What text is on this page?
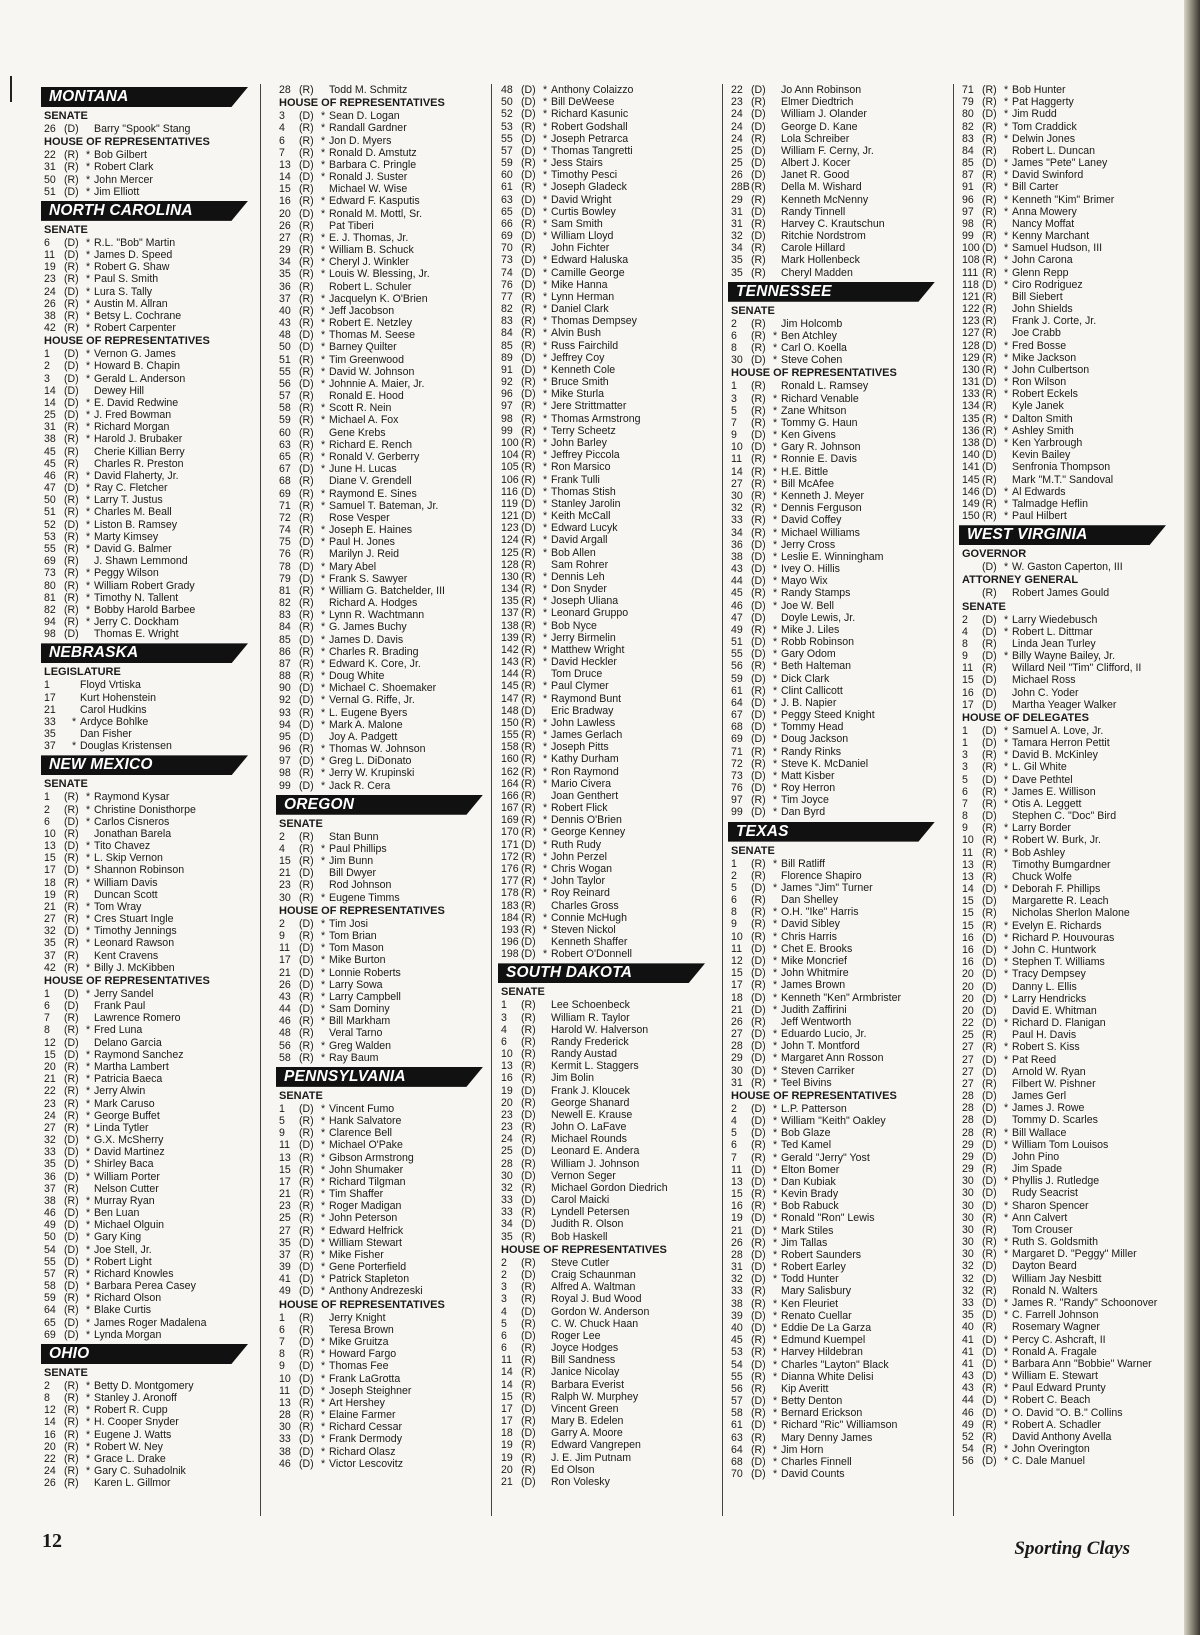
MONTANA
SENATE
26 (D)	Barry "Spook" Stang
HOUSE OF REPRESENTATIVES
22 (R) * Bob Gilbert
31 (R) * Robert Clark
50 (R) * John Mercer
51 (D) * Jim Elliott
NORTH CAROLINA
SENATE
6	(D) * R.L. "Bob" Martin
11 (D) * James D. Speed
19 (R) * Robert G. Shaw
23 (R) * Paul S. Smith
24 (D) * Lura S. Tally
26 (R) * Austin M. Allran
38 (R) * Betsy L. Cochrane
42 (R) * Robert Carpenter
HOUSE OF REPRESENTATIVES
1	(D) * Vernon G. James
2	(D) * Howard B. Chapin
3	(D) * Gerald L. Anderson
14 (D)	Dewey Hill
14 (D) * E. David Redwine
25 (D) * J. Fred Bowman
31 (R) * Richard Morgan
38 (R) * Harold J. Brubaker
45 (R)	Cherie Killian Berry
45 (R)	Charles R. Preston
46 (R) * David Flaherty, Jr.
47 (D) * Ray C. Fletcher
50 (R) * Larry T. Justus
51 (R) * Charles M. Beall
52 (D) * Liston B. Ramsey
53 (R) * Marty Kimsey
55 (R) * David G. Balmer
69 (R)	J. Shawn Lemmond
73 (R) * Peggy Wilson
80 (R) * William Robert Grady
81 (R) * Timothy N. Tallent
82 (R) * Bobby Harold Barbee
94 (R) * Jerry C. Dockham
98 (D)	Thomas E. Wright
NEBRASKA
LEGISLATURE
1	Floyd Vrtiska
17	Kurt Hohenstein
21	Carol Hudkins
33	* Ardyce Bohlke
35	Dan Fisher
37	* Douglas Kristensen
NEW MEXICO
SENATE
1	(R) * Raymond Kysar
2	(R) * Christine Donisthorpe
6	(D) * Carlos Cisneros
10 (R)	Jonathan Barela
13 (D) * Tito Chavez
15 (R) * L. Skip Vernon
17 (D) * Shannon Robinson
18 (R) * William Davis
19 (R)	Duncan Scott
21 (R) * Tom Wray
27 (R) * Cres Stuart Ingle
32 (D) * Timothy Jennings
35 (R) * Leonard Rawson
37 (R)	Kent Cravens
42 (R) * Billy J. McKibben
HOUSE OF REPRESENTATIVES
1	(D) * Jerry Sandel
6	(D)	Frank Paul
7	(R)	Lawrence Romero
8	(R) * Fred Luna
12 (D)	Delano Garcia
15 (D) * Raymond Sanchez
20 (R) * Martha Lambert
21 (R) * Patricia Baeca
22 (R) * Jerry Alwin
23 (R) * Mark Caruso
24 (R) * George Buffet
27 (R) * Linda Tytler
32 (D) * G.X. McSherry
33 (D) * David Martinez
35 (D) * Shirley Baca
36 (D) * William Porter
37 (R)	Nelson Cutter
38 (R) * Murray Ryan
46 (D) * Ben Luan
49 (D) * Michael Olguin
50 (D) * Gary King
54 (D) * Joe Stell, Jr.
55 (D) * Robert Light
57 (R) * Richard Knowles
58 (D) * Barbara Perea Casey
59 (R) * Richard Olson
64 (R) * Blake Curtis
65 (D) * James Roger Madalena
69 (D) * Lynda Morgan
OHIO
SENATE
2	(R) * Betty D. Montgomery
8	(R) * Stanley J. Aronoff
12 (R) * Robert R. Cupp
14 (R) * H. Cooper Snyder
16 (R) * Eugene J. Watts
20 (R) * Robert W. Ney
22 (R) * Grace L. Drake
24 (R) * Gary C. Suhadolnik
26 (R)	Karen L. Gillmor
28 (R)	Todd M. Schmitz
HOUSE OF REPRESENTATIVES
3	(D) * Sean D. Logan
4	(R) * Randall Gardner
6	(R) * Jon D. Myers
7	(R) * Ronald D. Amstutz
13 (D) * Barbara C. Pringle
14 (D) * Ronald J. Suster
15 (R)	Michael W. Wise
16 (R) * Edward F. Kasputis
20 (D) * Ronald M. Mottl, Sr.
26 (R)	Pat Tiberi
27 (R) * E. J. Thomas, Jr.
29 (R) * William B. Schuck
34 (R) * Cheryl J. Winkler
35 (R) * Louis W. Blessing, Jr.
36 (R)	Robert L. Schuler
37 (R) * Jacquelyn K. O'Brien
40 (R) * Jeff Jacobson
43 (R) * Robert E. Netzley
48 (D) * Thomas M. Seese
50 (D) * Barney Quilter
51 (R) * Tim Greenwood
55 (R) * David W. Johnson
56 (D) * Johnnie A. Maier, Jr.
57 (R)	Ronald E. Hood
58 (R) * Scott R. Nein
59 (R) * Michael A. Fox
60 (R)	Gene Krebs
63 (R) * Richard E. Rench
65 (R) * Ronald V. Gerberry
67 (D) * June H. Lucas
68 (R)	Diane V. Grendell
69 (R) * Raymond E. Sines
71 (R) * Samuel T. Bateman, Jr.
72 (R)	Rose Vesper
74 (R) * Joseph E. Haines
75 (D) * Paul H. Jones
76 (R)	Marilyn J. Reid
78 (D) * Mary Abel
79 (D) * Frank S. Sawyer
81 (R) * William G. Batchelder, III
82 (R)	Richard A. Hodges
83 (R) * Lynn R. Wachtmann
84 (R) * G. James Buchy
85 (D) * James D. Davis
86 (R) * Charles R. Brading
87 (R) * Edward K. Core, Jr.
88 (R) * Doug White
90 (D) * Michael C. Shoemaker
92 (D) * Vernal G. Riffe, Jr.
93 (R) * L. Eugene Byers
94 (D) * Mark A. Malone
95 (D)	Joy A. Padgett
96 (R) * Thomas W. Johnson
97 (D) * Greg L. DiDonato
98 (R) * Jerry W. Krupinski
99 (D) * Jack R. Cera
OREGON
SENATE
2	(R)	Stan Bunn
4	(R) * Paul Phillips
15 (R) * Jim Bunn
21 (D)	Bill Dwyer
23 (R)	Rod Johnson
30 (R) * Eugene Timms
HOUSE OF REPRESENTATIVES
2	(D) * Tim Josi
9	(R) * Tom Brian
11 (D) * Tom Mason
17 (D) * Mike Burton
21 (D) * Lonnie Roberts
26 (D) * Larry Sowa
43 (R) * Larry Campbell
44 (D) * Sam Dominy
46 (R) * Bill Markham
48 (R)	Veral Tarno
56 (R) * Greg Walden
58 (R) * Ray Baum
PENNSYLVANIA
SENATE
1	(D) * Vincent Fumo
5	(R) * Hank Salvatore
9	(R) * Clarence Bell
11 (D) * Michael O'Pake
13 (R) * Gibson Armstrong
15 (R) * John Shumaker
17 (R) * Richard Tilgman
21 (R) * Tim Shaffer
23 (R) * Roger Madigan
25 (R) * John Peterson
27 (R) * Edward Helfrick
35 (D) * William Stewart
37 (R) * Mike Fisher
39 (D) * Gene Porterfield
41 (D) * Patrick Stapleton
49 (D) * Anthony Andrezeski
HOUSE OF REPRESENTATIVES
1	(R)	Jerry Knight
6	(R)	Teresa Brown
7	(D) * Mike Gruitza
8	(R) * Howard Fargo
9	(D) * Thomas Fee
10 (D) * Frank LaGrotta
11 (D) * Joseph Steighner
13 (R) * Art Hershey
28 (R) * Elaine Farmer
30 (R) * Richard Cessar
33 (D) * Frank Dermody
38 (D) * Richard Olasz
46 (D) * Victor Lescovitz
48 (D) * Anthony Colaizzo
50 (D) * Bill DeWeese
52 (D) * Richard Kasunic
53 (R) * Robert Godshall
55 (D) * Joseph Petrarca
57 (D) * Thomas Tangretti
59 (R) * Jess Stairs
60 (D) * Timothy Pesci
61 (R) * Joseph Gladeck
63 (D) * David Wright
65 (D) * Curtis Bowley
66 (R) * Sam Smith
69 (D) * William Lloyd
70 (R)	John Fichter
73 (D) * Edward Haluska
74 (D) * Camille George
76 (D) * Mike Hanna
77 (R) * Lynn Herman
82 (R) * Daniel Clark
83 (R) * Thomas Dempsey
84 (R) * Alvin Bush
85 (R) * Russ Fairchild
89 (D) * Jeffrey Coy
91 (D) * Kenneth Cole
92 (R) * Bruce Smith
96 (D) * Mike Sturla
97 (R) * Jere Strittmatter
98 (R) * Thomas Armstrong
99 (R) * Terry Scheetz
100 (R) * John Barley
104 (R) * Jeffrey Piccola
105 (R) * Ron Marsico
106 (R) * Frank Tulli
116 (D) * Thomas Stish
119 (D) * Stanley Jarolin
121 (D) * Keith McCall
123 (D) * Edward Lucyk
124 (R) * David Argall
125 (R) * Bob Allen
128 (R)	Sam Rohrer
130 (R) * Dennis Leh
134 (R) * Don Snyder
135 (R) * Joseph Uliana
137 (R) * Leonard Gruppo
138 (R) * Bob Nyce
139 (R) * Jerry Birmelin
142 (R) * Matthew Wright
143 (R) * David Heckler
144 (R)	Tom Druce
145 (R) * Paul Clymer
147 (R) * Raymond Bunt
148 (D)	Eric Bradway
150 (R) * John Lawless
155 (R) * James Gerlach
158 (R) * Joseph Pitts
160 (R) * Kathy Durham
162 (R) * Ron Raymond
164 (R) * Mario Civera
166 (R)	Joan Genthert
167 (R) * Robert Flick
169 (R) * Dennis O'Brien
170 (R) * George Kenney
171 (D) * Ruth Rudy
172 (R) * John Perzel
176 (R) * Chris Wogan
177 (R) * John Taylor
178 (R) * Roy Reinard
183 (R)	Charles Gross
184 (R) * Connie McHugh
193 (R) * Steven Nickol
196 (D)	Kenneth Shaffer
198 (D) * Robert O'Donnell
SOUTH DAKOTA
SENATE
1	(R)	Lee Schoenbeck
3	(R)	William R. Taylor
4	(R)	Harold W. Halverson
6	(R)	Randy Frederick
10 (R)	Randy Austad
13 (R)	Kermit L. Staggers
16 (R)	Jim Bolin
19 (D)	Frank J. Kloucek
20 (R)	George Shanard
23 (D)	Newell E. Krause
23 (R)	John O. LaFave
24 (R)	Michael Rounds
25 (D)	Leonard E. Andera
28 (R)	William J. Johnson
30 (D)	Vernon Seger
32 (R)	Michael Gordon Diedrich
33 (D)	Carol Maicki
33 (R)	Lyndell Petersen
34 (D)	Judith R. Olson
35 (R)	Bob Haskell
HOUSE OF REPRESENTATIVES
2	(R)	Steve Cutler
2	(D)	Craig Schaunman
3	(R)	Alfred A. Waltman
3	(R)	Royal J. Bud Wood
4	(D)	Gordon W. Anderson
5	(R)	C. W. Chuck Haan
6	(D)	Roger Lee
6	(R)	Joyce Hodges
11 (R)	Bill Sandness
14 (R)	Janice Nicolay
14 (R)	Barbara Everist
15 (R)	Ralph W. Murphey
17 (D)	Vincent Green
17 (R)	Mary B. Edelen
18 (D)	Garry A. Moore
19 (R)	Edward Vangrepen
19 (R)	J. E. Jim Putnam
20 (R)	Ed Olson
21 (D)	Ron Volesky
22 (D)	Jo Ann Robinson
23 (R)	Elmer Diedtrich
24 (D)	William J. Olander
24 (D)	George D. Kane
24 (R)	Lola Schreiber
25 (D)	William F. Cerny, Jr.
25 (D)	Albert J. Kocer
26 (D)	Janet R. Good
28B (R)	Della M. Wishard
29 (R)	Kenneth McNenny
31 (D)	Randy Tinnell
31 (R)	Harvey C. Krautschun
32 (D)	Ritchie Nordstrom
34 (R)	Carole Hillard
35 (R)	Mark Hollenbeck
35 (R)	Cheryl Madden
TENNESSEE
SENATE
2	(R)	Jim Holcomb
6	(R) * Ben Atchley
8	(R) * Carl O. Koella
30 (D) * Steve Cohen
HOUSE OF REPRESENTATIVES
1	(R)	Ronald L. Ramsey
3	(R) * Richard Venable
5	(R) * Zane Whitson
7	(R) * Tommy G. Haun
9	(D) * Ken Givens
10 (D) * Gary R. Johnson
11 (R) * Ronnie E. Davis
14 (R) * H.E. Bittle
27 (R) * Bill McAfee
30 (R) * Kenneth J. Meyer
32 (R) * Dennis Ferguson
33 (R) * David Coffey
34 (R) * Michael Williams
36 (D) * Jerry Cross
38 (D) * Leslie E. Winningham
43 (D) * Ivey O. Hillis
44 (D) * Mayo Wix
45 (R) * Randy Stamps
46 (D) * Joe W. Bell
47 (D)	Doyle Lewis, Jr.
49 (R) * Mike J. Liles
51 (D) * Robb Robinson
55 (D) * Gary Odom
56 (R) * Beth Halteman
59 (D) * Dick Clark
61 (R) * Clint Callicott
64 (D) * J. B. Napier
67 (D) * Peggy Steed Knight
68 (D) * Tommy Head
69 (D) * Doug Jackson
71 (R) * Randy Rinks
72 (R) * Steve K. McDaniel
73 (D) * Matt Kisber
76 (D) * Roy Herron
97 (R) * Tim Joyce
99 (D) * Dan Byrd
TEXAS
SENATE
1	(R) * Bill Ratliff
2	(R)	Florence Shapiro
5	(D) * James "Jim" Turner
6	(R)	Dan Shelley
8	(R) * O.H. "Ike" Harris
9	(R) * David Sibley
10 (R) * Chris Harris
11 (D) * Chet E. Brooks
12 (D) * Mike Moncrief
15 (D) * John Whitmire
17 (R) * James Brown
18 (D) * Kenneth "Ken" Armbrister
21 (D) * Judith Zaffirini
26 (R)	Jeff Wentworth
27 (D) * Eduardo Lucio, Jr.
28 (D) * John T. Montford
29 (D) * Margaret Ann Rosson
30 (D) * Steven Carriker
31 (R) * Teel Bivins
HOUSE OF REPRESENTATIVES
2	(D) * L.P. Patterson
4	(D) * William "Keith" Oakley
5	(D) * Bob Glaze
6	(R) * Ted Kamel
7	(R) * Gerald "Jerry" Yost
11 (D) * Elton Bomer
13 (D) * Dan Kubiak
15 (R) * Kevin Brady
16 (R) * Bob Rabuck
19 (D) * Ronald "Ron" Lewis
21 (D) * Mark Stiles
26 (R) * Jim Tallas
28 (D) * Robert Saunders
31 (D) * Robert Earley
32 (D) * Todd Hunter
33 (R)	Mary Salisbury
38 (R) * Ken Fleuriet
39 (D) * Renato Cuellar
40 (D) * Eddie De La Garza
45 (R) * Edmund Kuempel
53 (R) * Harvey Hildebran
54 (D) * Charles "Layton" Black
55 (R) * Dianna White Delisi
56 (R)	Kip Averitt
57 (D) * Betty Denton
58 (R) * Bernard Erickson
61 (D) * Richard "Ric" Williamson
63 (R)	Mary Denny James
64 (R) * Jim Horn
68 (D) * Charles Finnell
70 (D) * David Counts
71 (R) * Bob Hunter
79 (R) * Pat Haggerty
80 (D) * Jim Rudd
82 (R) * Tom Craddick
83 (R) * Delwin Jones
84 (R)	Robert L. Duncan
85 (D) * James "Pete" Laney
87 (R) * David Swinford
91 (R) * Bill Carter
96 (R) * Kenneth "Kim" Brimer
97 (R) * Anna Mowery
98 (R)	Nancy Moffat
99 (R) * Kenny Marchant
100 (D) * Samuel Hudson, III
108 (R) * John Carona
111 (R) * Glenn Repp
118 (D) * Ciro Rodriguez
121 (R)	Bill Siebert
122 (R)	John Shields
123 (R)	Frank J. Corte, Jr.
127 (R)	Joe Crabb
128 (D) * Fred Bosse
129 (R) * Mike Jackson
130 (R) * John Culbertson
131 (D) * Ron Wilson
133 (R) * Robert Eckels
134 (R)	Kyle Janek
135 (R) * Dalton Smith
136 (R) * Ashley Smith
138 (D) * Ken Yarbrough
140 (D)	Kevin Bailey
141 (D)	Senfronia Thompson
145 (R)	Mark "M.T." Sandoval
146 (D) * Al Edwards
149 (R) * Talmadge Heflin
150 (R) * Paul Hilbert
WEST VIRGINIA
GOVERNOR
(D) * W. Gaston Caperton, III
ATTORNEY GENERAL
(R)	Robert James Gould
SENATE
2	(D) * Larry Wiedebusch
4	(D) * Robert L. Dittmar
8	(R)	Linda Jean Turley
9	(D) * Billy Wayne Bailey, Jr.
11 (R)	Willard Neil "Tim" Clifford, II
15 (D)	Michael Ross
16 (D)	John C. Yoder
17 (D)	Martha Yeager Walker
HOUSE OF DELEGATES
1	(D) * Samuel A. Love, Jr.
1	(D) * Tamara Herron Pettit
3	(R) * David B. McKinley
3	(R) * L. Gil White
5	(D) * Dave Pethtel
6	(R) * James E. Willison
7	(R) * Otis A. Leggett
8	(D)	Stephen C. "Doc" Bird
9	(R) * Larry Border
10 (R) * Robert W. Burk, Jr.
11 (R) * Bob Ashley
13 (R)	Timothy Bumgardner
13 (R)	Chuck Wolfe
14 (D) * Deborah F. Phillips
15 (D)	Margarette R. Leach
15 (R)	Nicholas Sherlon Malone
15 (R) * Evelyn E. Richards
16 (D) * Richard P. Houvouras
16 (D) * John C. Huntwork
16 (D) * Stephen T. Williams
20 (D) * Tracy Dempsey
20 (D)	Danny L. Ellis
20 (D) * Larry Hendricks
20 (D)	David E. Whitman
22 (D) * Richard D. Flanigan
25 (R)	Paul H. Davis
27 (R) * Robert S. Kiss
27 (D) * Pat Reed
27 (D)	Arnold W. Ryan
27 (R)	Filbert W. Pishner
28 (D)	James Gerl
28 (D) * James J. Rowe
28 (D)	Tommy D. Scarles
28 (R) * Bill Wallace
29 (D) * William Tom Louisos
29 (D)	John Pino
29 (R)	Jim Spade
30 (D) * Phyllis J. Rutledge
30 (D)	Rudy Seacrist
30 (D) * Sharon Spencer
30 (R) * Ann Calvert
30 (R)	Tom Crouser
30 (R) * Ruth S. Goldsmith
30 (R) * Margaret D. "Peggy" Miller
32 (D)	Dayton Beard
32 (D)	William Jay Nesbitt
32 (R)	Ronald N. Walters
33 (D) * James R. "Randy" Schoonover
35 (D) * C. Farrell Johnson
40 (R)	Rosemary Wagner
41 (D) * Percy C. Ashcraft, II
41 (D) * Ronald A. Fragale
41 (D) * Barbara Ann "Bobbie" Warner
43 (D) * William E. Stewart
43 (R) * Paul Edward Prunty
44 (D) * Robert C. Beach
46 (D) * O. David "O. B." Collins
49 (R) * Robert A. Schadler
52 (R)	David Anthony Avella
54 (R) * John Overington
56 (D) * C. Dale Manuel
12	Sporting Clays
